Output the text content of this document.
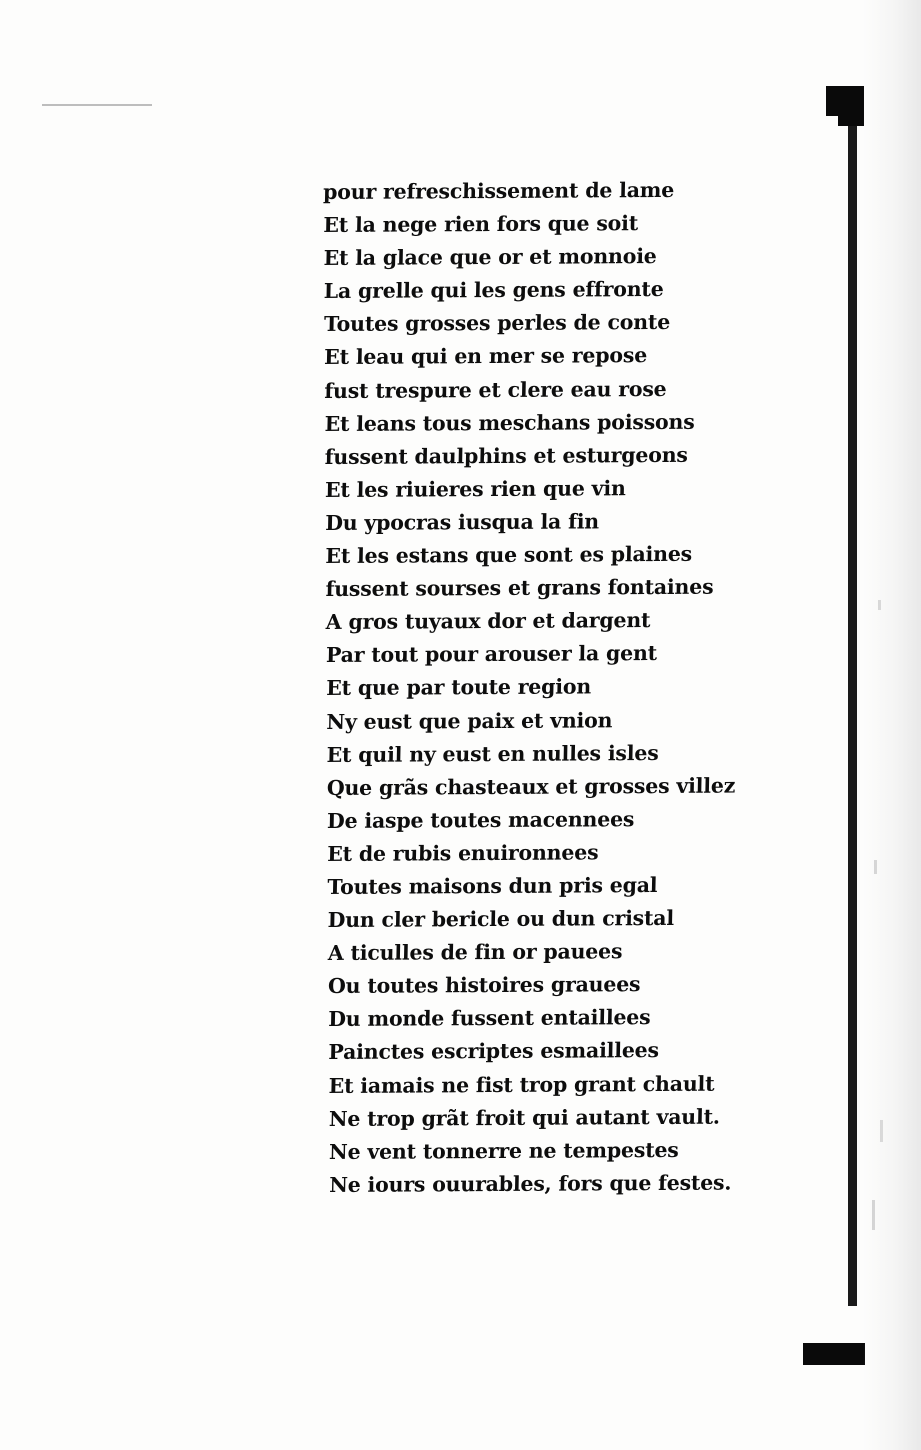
pour refreschissement de lame
Et la nege rien fors que soit
Et la glace que or et monnoie
La grelle qui les gens effronte
Toutes grosses perles de conte
Et leau qui en mer se repose
fust trespure et clere eau rose
Et leans tous meschans poissons
fussent daulphins et esturgeons
Et les riuieres rien que vin
Du ypocras iusqua la fin
Et les estans que sont es plaines
fussent sourses et grans fontaines
A gros tuyaux dor et dargent
Par tout pour arouser la gent
Et que par toute region
Ny eust que paix et vnion
Et quil ny eust en nulles isles
Que grãs chasteaux et grosses villez
De iaspe toutes macennees
Et de rubis enuironnees
Toutes maisons dun pris egal
Dun cler bericle ou dun cristal
A ticulles de fin or pauees
Ou toutes histoires grauees
Du monde fussent entaillees
Painctes escriptes esmaillees
Et iamais ne fist trop grant chault
Ne trop grãt froit qui autant vault.
Ne vent tonnerre ne tempestes
Ne iours ouurables, fors que festes.
